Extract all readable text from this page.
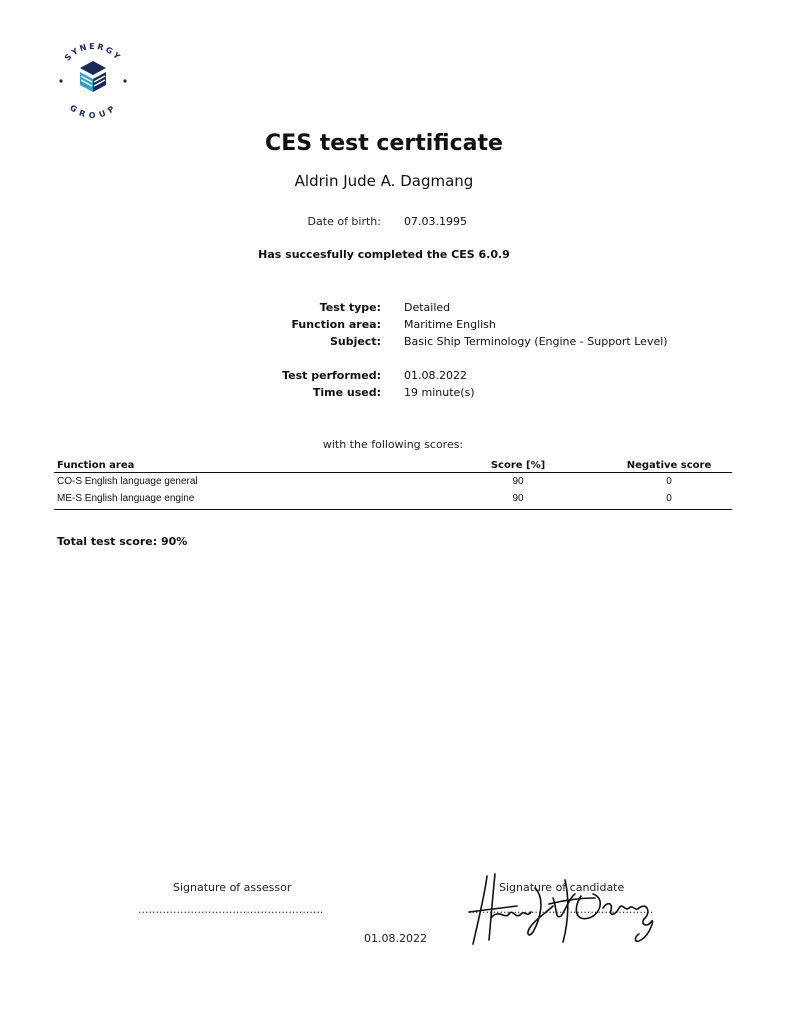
SYNERGY
GROUP
CES test certificate
Aldrin Jude A. Dagmang
Date of birth: 07.03.1995
Has succesfully completed the CES 6.0.9
Test type: Detailed
Function area: Maritime English
Subject: Basic Ship Terminology (Engine - Support Level)
Test performed: 01.08.2022
Time used: 19 minute(s)
with the following scores:
Function area	Score [%]	Negative score
CO-S English language general	90	0
ME-S English language engine	90	0
Total test score: 90%
Signature of assessor	Signature of candidate
.....................................................	.....................................................
01.08.2022
